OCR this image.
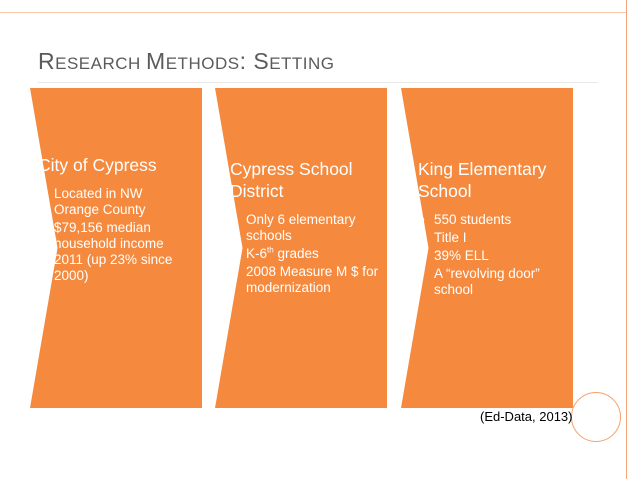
RESEARCH METHODS: SETTING
City of Cypress
• Located in NW Orange County
• $79,156 median household income 2011 (up 23% since 2000)
Cypress School District
• Only 6 elementary schools
• K-6th grades
• 2008 Measure M $ for modernization
King Elementary School
• 550 students
• Title I
• 39% ELL
• A “revolving door” school
(Ed-Data, 2013)
